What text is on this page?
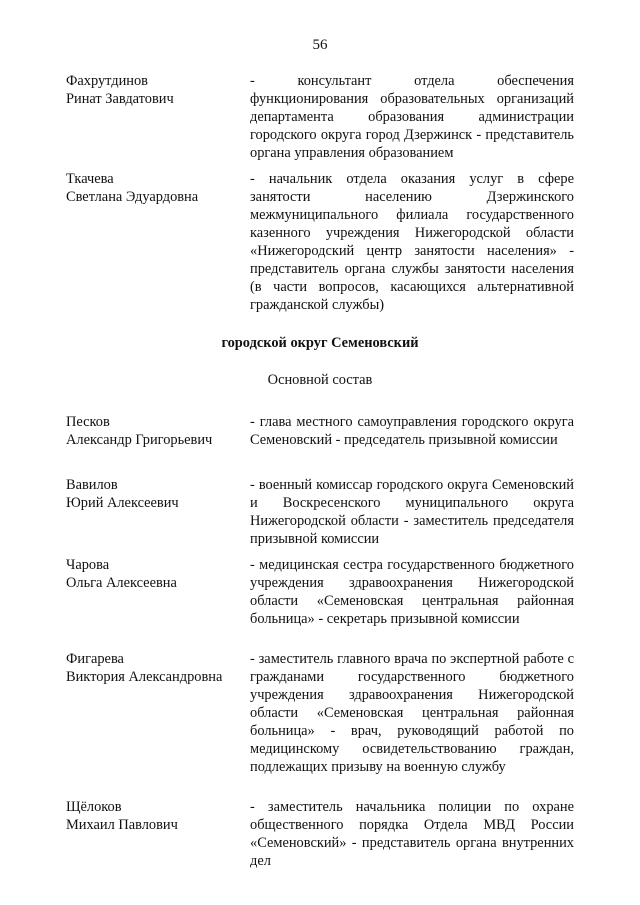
56
Фахрутдинов
Ринат Завдатович
- консультант отдела обеспечения функционирования образовательных организаций департамента образования администрации городского округа город Дзержинск - представитель органа управления образованием
Ткачева
Светлана Эдуардовна
- начальник отдела оказания услуг в сфере занятости населению Дзержинского межмуниципального филиала государственного казенного учреждения Нижегородской области «Нижегородский центр занятости населения» - представитель органа службы занятости населения (в части вопросов, касающихся альтернативной гражданской службы)
городской округ Семеновский
Основной состав
Песков
Александр Григорьевич
- глава местного самоуправления городского округа Семеновский - председатель призывной комиссии
Вавилов
Юрий Алексеевич
- военный комиссар городского округа Семеновский и Воскресенского муниципального округа Нижегородской области - заместитель председателя призывной комиссии
Чарова
Ольга Алексеевна
- медицинская сестра государственного бюджетного учреждения здравоохранения Нижегородской области «Семеновская центральная районная больница» - секретарь призывной комиссии
Фигарева
Виктория Александровна
- заместитель главного врача по экспертной работе с гражданами государственного бюджетного учреждения здравоохранения Нижегородской области «Семеновская центральная районная больница» - врач, руководящий работой по медицинскому освидетельствованию граждан, подлежащих призыву на военную службу
Щёлоков
Михаил Павлович
- заместитель начальника полиции по охране общественного порядка Отдела МВД России «Семеновский» - представитель органа внутренних дел
